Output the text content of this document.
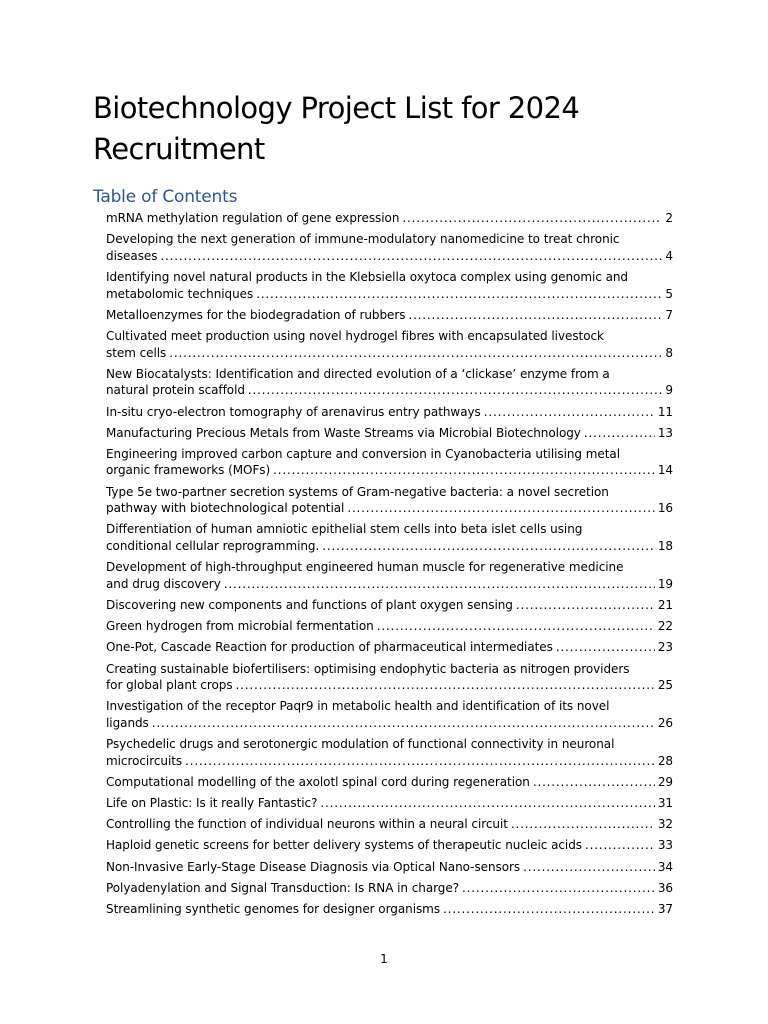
Biotechnology Project List for 2024 Recruitment
Table of Contents
mRNA methylation regulation of gene expression .....	2
Developing the next generation of immune-modulatory nanomedicine to treat chronic
diseases .....	4
Identifying novel natural products in the Klebsiella oxytoca complex using genomic and
metabolomic techniques .....	5
Metalloenzymes for the biodegradation of rubbers .....	7
Cultivated meet production using novel hydrogel fibres with encapsulated livestock
stem cells .....	8
New Biocatalysts: Identification and directed evolution of a ‘clickase’ enzyme from a
natural protein scaffold .....	9
In-situ cryo-electron tomography of arenavirus entry pathways .....	11
Manufacturing Precious Metals from Waste Streams via Microbial Biotechnology .....	13
Engineering improved carbon capture and conversion in Cyanobacteria utilising metal
organic frameworks (MOFs) .....	14
Type 5e two-partner secretion systems of Gram-negative bacteria: a novel secretion
pathway with biotechnological potential .....	16
Differentiation of human amniotic epithelial stem cells into beta islet cells using
conditional cellular reprogramming. .....	18
Development of high-throughput engineered human muscle for regenerative medicine
and drug discovery .....	19
Discovering new components and functions of plant oxygen sensing .....	21
Green hydrogen from microbial fermentation .....	22
One-Pot, Cascade Reaction for production of pharmaceutical intermediates .....	23
Creating sustainable biofertilisers: optimising endophytic bacteria as nitrogen providers
for global plant crops .....	25
Investigation of the receptor Paqr9 in metabolic health and identification of its novel
ligands .....	26
Psychedelic drugs and serotonergic modulation of functional connectivity in neuronal
microcircuits .....	28
Computational modelling of the axolotl spinal cord during regeneration .....	29
Life on Plastic: Is it really Fantastic? .....	31
Controlling the function of individual neurons within a neural circuit .....	32
Haploid genetic screens for better delivery systems of therapeutic nucleic acids .....	33
Non-Invasive Early-Stage Disease Diagnosis via Optical Nano-sensors .....	34
Polyadenylation and Signal Transduction: Is RNA in charge? .....	36
Streamlining synthetic genomes for designer organisms .....	37
1
